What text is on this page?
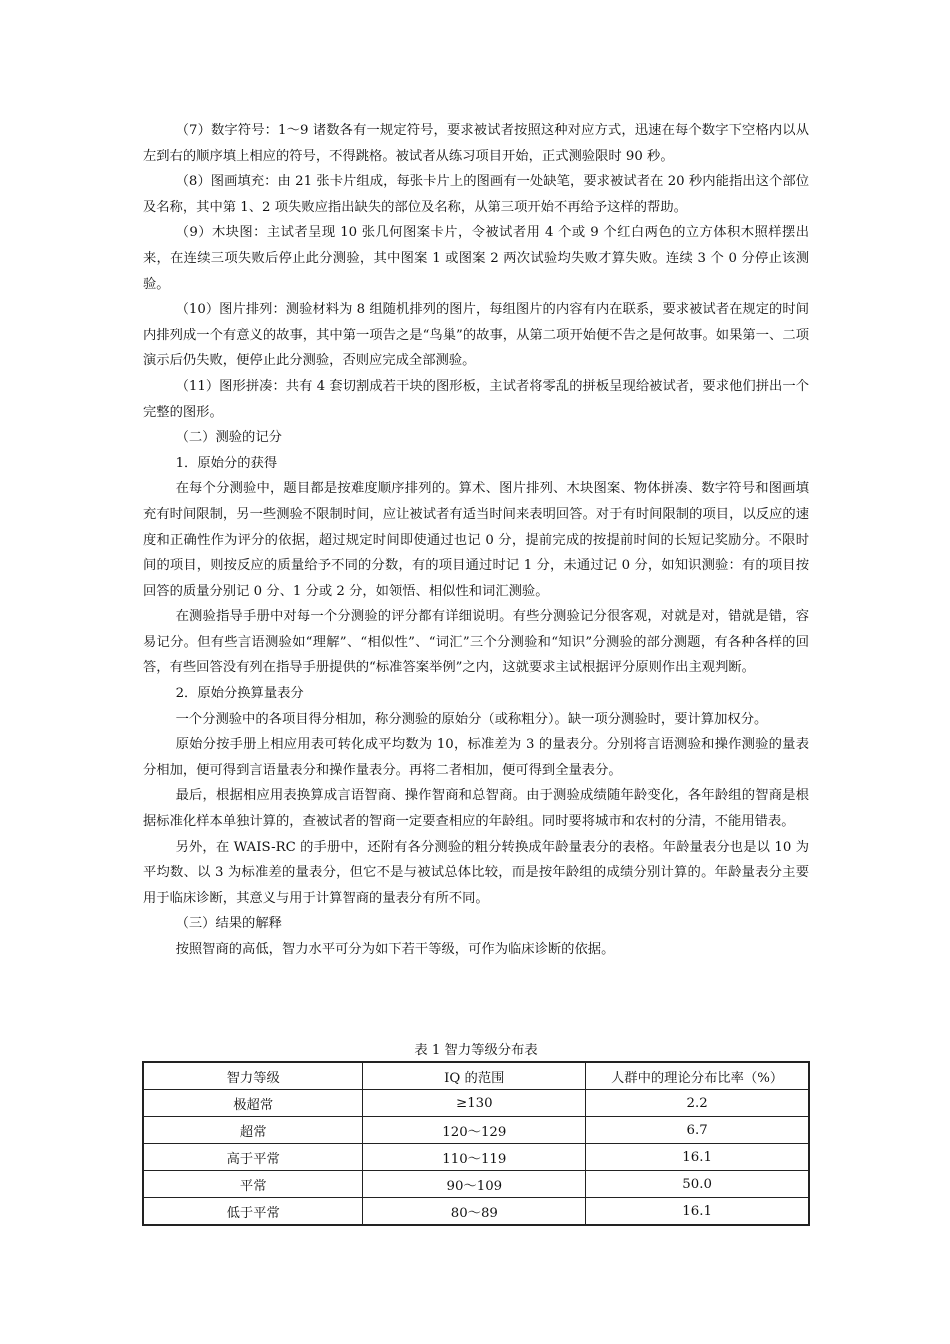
（7）数字符号：1～9 诸数各有一规定符号，要求被试者按照这种对应方式，迅速在每个数字下空格内以从左到右的顺序填上相应的符号，不得跳格。被试者从练习项目开始，正式测验限时 90 秒。

（8）图画填充：由 21 张卡片组成，每张卡片上的图画有一处缺笔，要求被试者在 20 秒内能指出这个部位及名称，其中第 1、2 项失败应指出缺失的部位及名称，从第三项开始不再给予这样的帮助。

（9）木块图：主试者呈现 10 张几何图案卡片，令被试者用 4 个或 9 个红白两色的立方体积木照样摆出来，在连续三项失败后停止此分测验，其中图案 1 或图案 2 两次试验均失败才算失败。连续 3 个 0 分停止该测验。

（10）图片排列：测验材料为 8 组随机排列的图片，每组图片的内容有内在联系，要求被试者在规定的时间内排列成一个有意义的故事，其中第一项告之是“鸟巢”的故事，从第二项开始便不告之是何故事。如果第一、二项演示后仍失败，便停止此分测验，否则应完成全部测验。

（11）图形拼凑：共有 4 套切割成若干块的图形板，主试者将零乱的拼板呈现给被试者，要求他们拼出一个完整的图形。

（二）测验的记分

1．原始分的获得

在每个分测验中，题目都是按难度顺序排列的。算术、图片排列、木块图案、物体拼凑、数字符号和图画填充有时间限制，另一些测验不限制时间，应让被试者有适当时间来表明回答。对于有时间限制的项目，以反应的速度和正确性作为评分的依据，超过规定时间即使通过也记 0 分，提前完成的按提前时间的长短记奖励分。不限时间的项目，则按反应的质量给予不同的分数，有的项目通过时记 1 分，未通过记 0 分，如知识测验：有的项目按回答的质量分别记 0 分、1 分或 2 分，如领悟、相似性和词汇测验。

在测验指导手册中对每一个分测验的评分都有详细说明。有些分测验记分很客观，对就是对，错就是错，容易记分。但有些言语测验如“理解”、“相似性”、“词汇”三个分测验和“知识”分测验的部分测题，有各种各样的回答，有些回答没有列在指导手册提供的“标准答案举例”之内，这就要求主试根据评分原则作出主观判断。

2．原始分换算量表分

一个分测验中的各项目得分相加，称分测验的原始分（或称粗分）。缺一项分测验时，要计算加权分。

原始分按手册上相应用表可转化成平均数为 10，标准差为 3 的量表分。分别将言语测验和操作测验的量表分相加，便可得到言语量表分和操作量表分。再将二者相加，便可得到全量表分。

最后，根据相应用表换算成言语智商、操作智商和总智商。由于测验成绩随年龄变化，各年龄组的智商是根据标准化样本单独计算的，查被试者的智商一定要查相应的年龄组。同时要将城市和农村的分清，不能用错表。

另外，在 WAIS-RC 的手册中，还附有各分测验的粗分转换成年龄量表分的表格。年龄量表分也是以 10 为平均数、以 3 为标准差的量表分，但它不是与被试总体比较，而是按年龄组的成绩分别计算的。年龄量表分主要用于临床诊断，其意义与用于计算智商的量表分有所不同。

（三）结果的解释

按照智商的高低，智力水平可分为如下若干等级，可作为临床诊断的依据。

表 1 智力等级分布表
智力等级	IQ 的范围	人群中的理论分布比率（%）
极超常	≥130	2.2
超常	120～129	6.7
高于平常	110～119	16.1
平常	90～109	50.0
低于平常	80～89	16.1
